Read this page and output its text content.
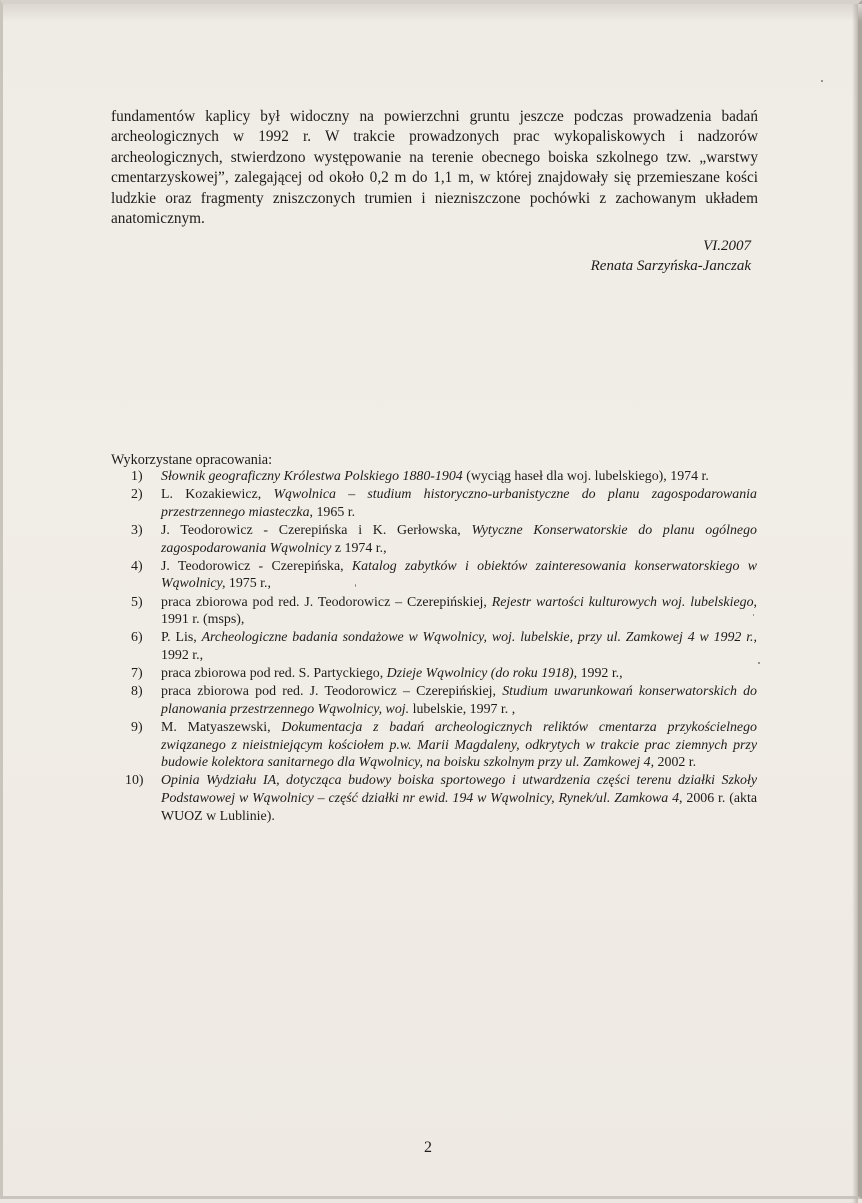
fundamentów kaplicy był widoczny na powierzchni gruntu jeszcze podczas prowadzenia badań archeologicznych w 1992 r. W trakcie prowadzonych prac wykopaliskowych i nadzorów archeologicznych, stwierdzono występowanie na terenie obecnego boiska szkolnego tzw. „warstwy cmentarzyskowej”, zalegającej od około 0,2 m do 1,1 m, w której znajdowały się przemieszane kości ludzkie oraz fragmenty zniszczonych trumien i niezniszczone pochówki z zachowanym układem anatomicznym.

VI.2007
Renata Sarzyńska-Janczak
Wykorzystane opracowania:
1)	Słownik geograficzny Królestwa Polskiego 1880-1904 (wyciąg haseł dla woj. lubelskiego), 1974 r.
2)	L. Kozakiewicz, Wąwolnica – studium historyczno-urbanistyczne do planu zagospodarowania przestrzennego miasteczka, 1965 r.
3)	J. Teodorowicz - Czerepińska i K. Gerłowska, Wytyczne Konserwatorskie do planu ogólnego zagospodarowania Wąwolnicy z 1974 r.,
4)	J. Teodorowicz - Czerepińska, Katalog zabytków i obiektów zainteresowania konserwatorskiego w Wąwolnicy, 1975 r.,
5)	praca zbiorowa pod red. J. Teodorowicz – Czerepińskiej, Rejestr wartości kulturowych woj. lubelskiego, 1991 r. (msps),
6)	P. Lis, Archeologiczne badania sondażowe w Wąwolnicy, woj. lubelskie, przy ul. Zamkowej 4 w 1992 r., 1992 r.,
7)	praca zbiorowa pod red. S. Partyckiego, Dzieje Wąwolnicy (do roku 1918), 1992 r.,
8)	praca zbiorowa pod red. J. Teodorowicz – Czerepińskiej, Studium uwarunkowań konserwatorskich do planowania przestrzennego Wąwolnicy, woj. lubelskie, 1997 r. ,
9)	M. Matyaszewski, Dokumentacja z badań archeologicznych reliktów cmentarza przykościelnego związanego z nieistniejącym kościołem p.w. Marii Magdaleny, odkrytych w trakcie prac ziemnych przy budowie kolektora sanitarnego dla Wąwolnicy, na boisku szkolnym przy ul. Zamkowej 4, 2002 r.
10)	Opinia Wydziału IA, dotycząca budowy boiska sportowego i utwardzenia części terenu działki Szkoły Podstawowej w Wąwolnicy – część działki nr ewid. 194 w Wąwolnicy, Rynek/ul. Zamkowa 4, 2006 r. (akta WUOZ w Lublinie).
2
